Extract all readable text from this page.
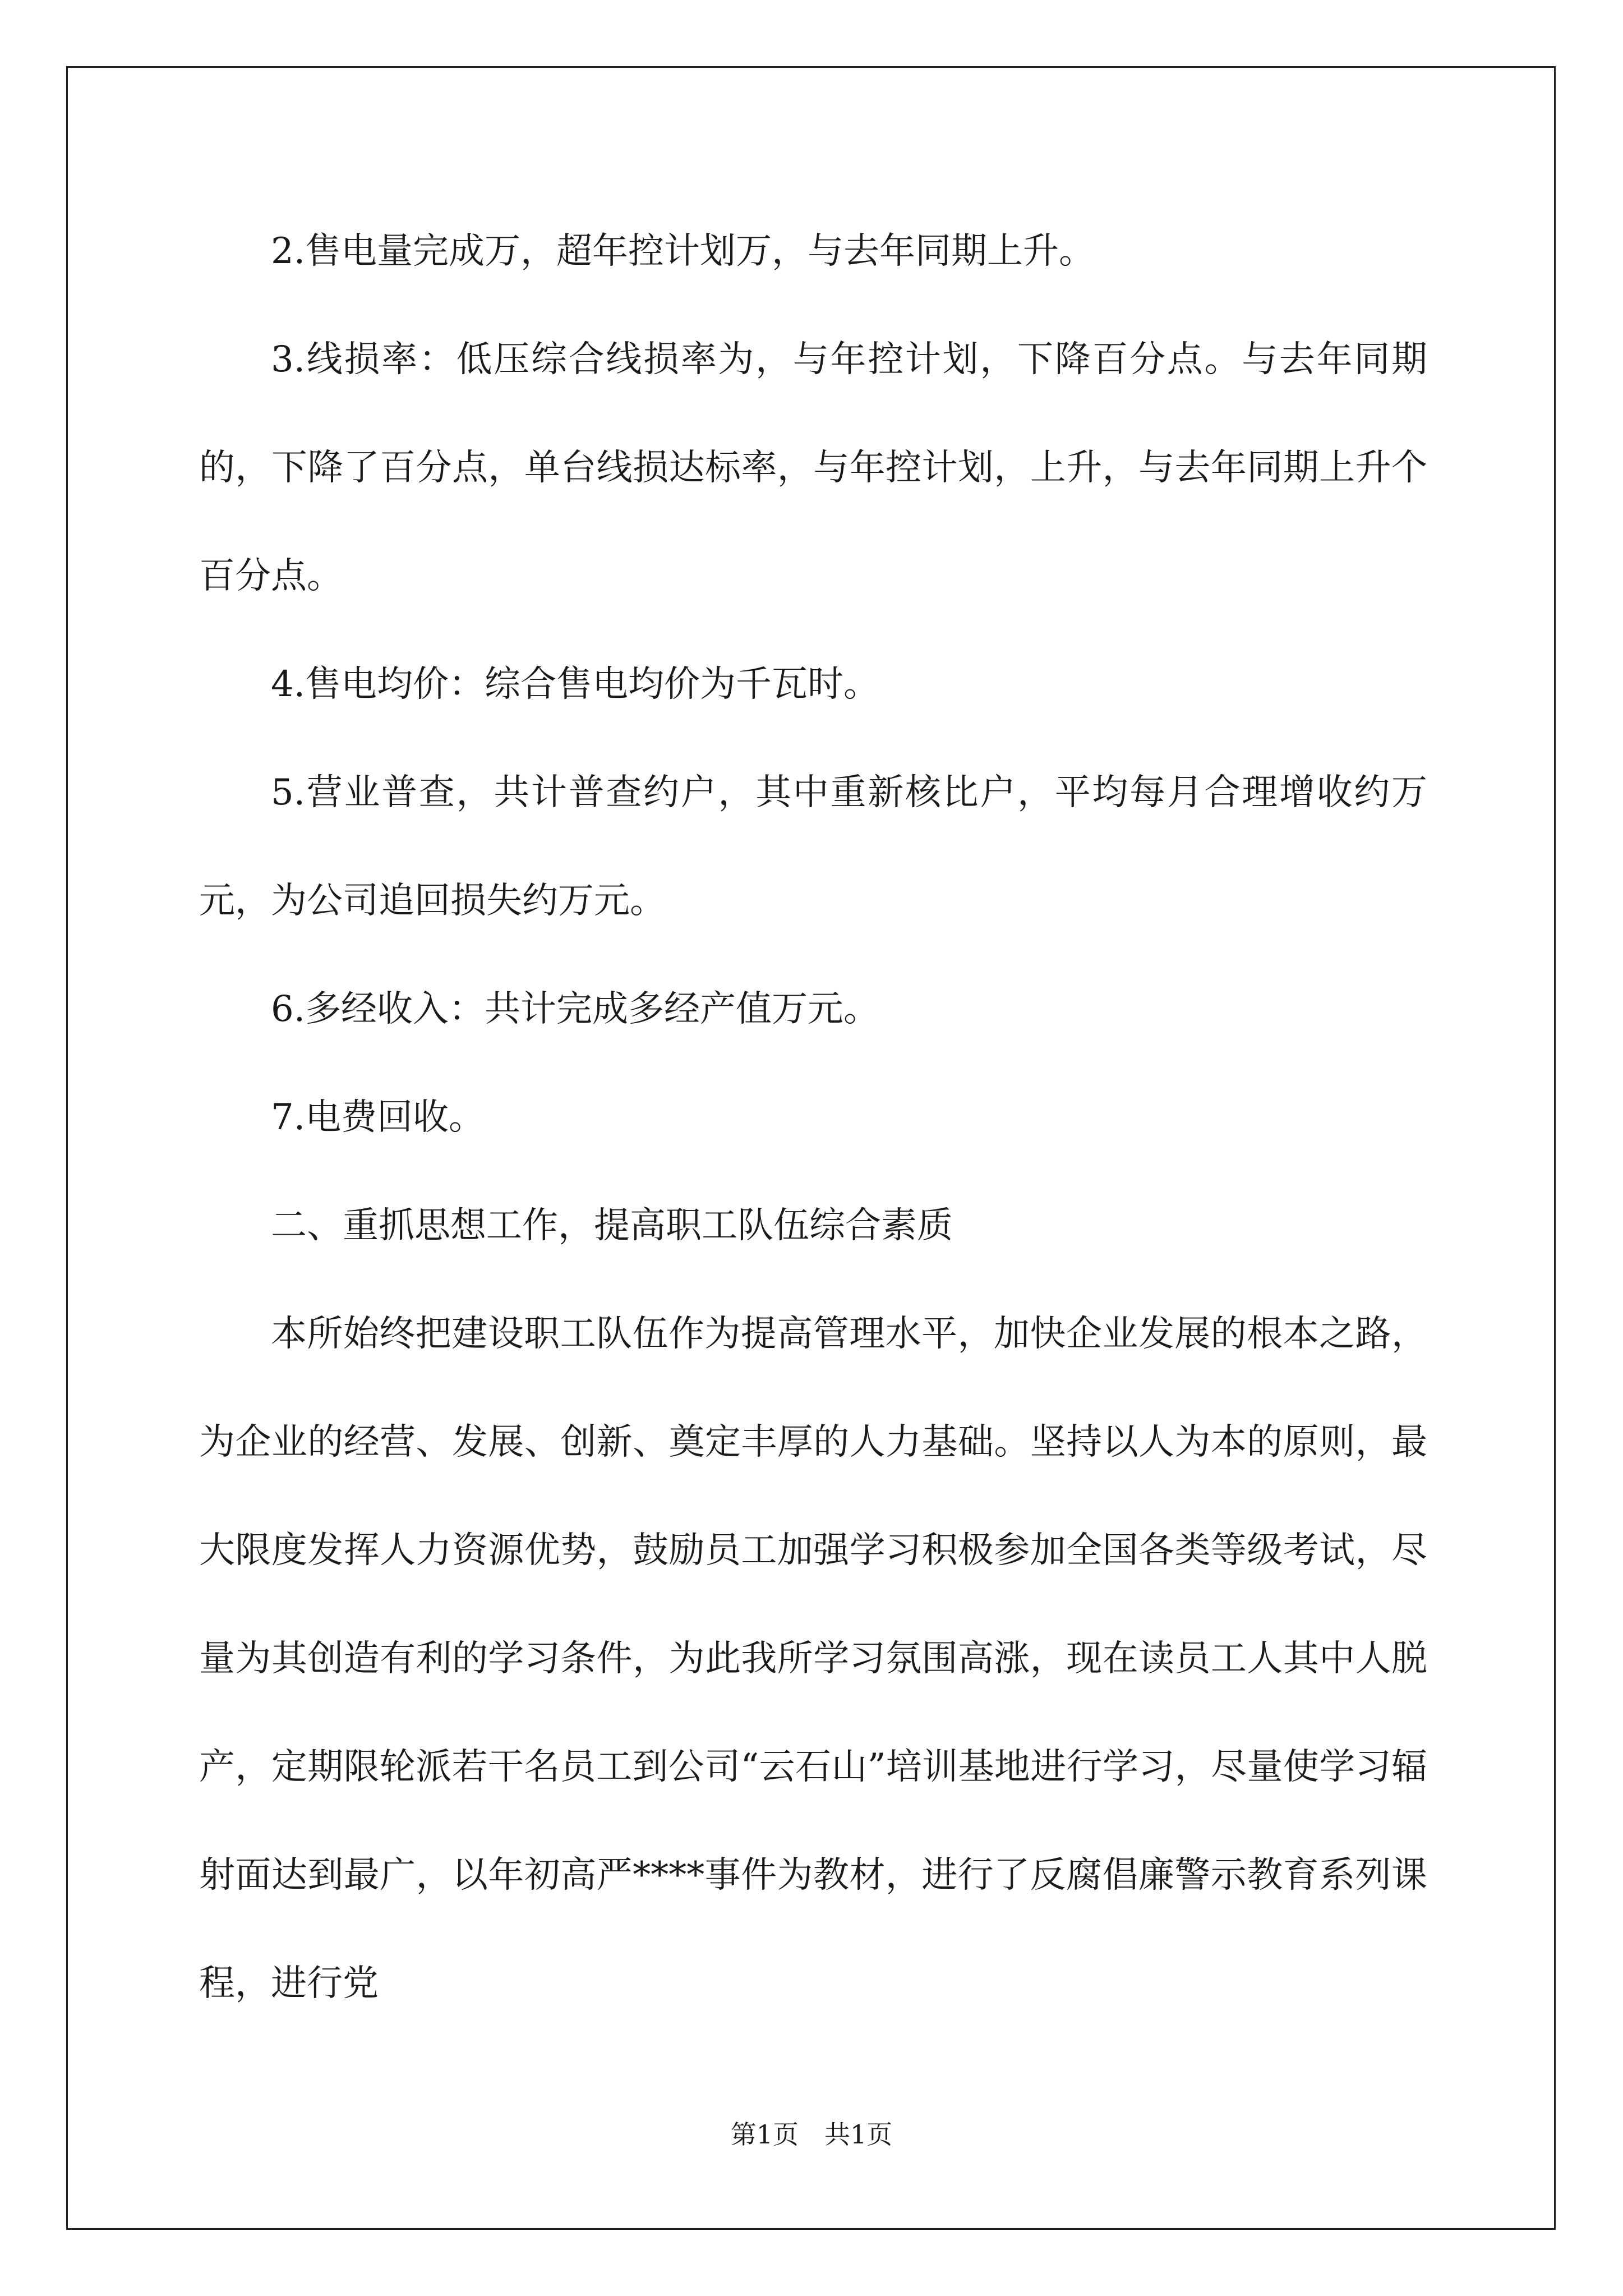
2.售电量完成万，超年控计划万，与去年同期上升。

3.线损率：低压综合线损率为，与年控计划，下降百分点。与去年同期的，下降了百分点，单台线损达标率，与年控计划，上升，与去年同期上升个百分点。

4.售电均价：综合售电均价为千瓦时。

5.营业普查，共计普查约户，其中重新核比户，平均每月合理增收约万元，为公司追回损失约万元。

6.多经收入：共计完成多经产值万元。

7.电费回收。

二、重抓思想工作，提高职工队伍综合素质

本所始终把建设职工队伍作为提高管理水平，加快企业发展的根本之路，为企业的经营、发展、创新、奠定丰厚的人力基础。坚持以人为本的原则，最大限度发挥人力资源优势，鼓励员工加强学习积极参加全国各类等级考试，尽量为其创造有利的学习条件，为此我所学习氛围高涨，现在读员工人其中人脱产，定期限轮派若干名员工到公司“云石山”培训基地进行学习，尽量使学习辐射面达到最广，以年初高严****事件为教材，进行了反腐倡廉警示教育系列课程，进行党

第1页　共1页
